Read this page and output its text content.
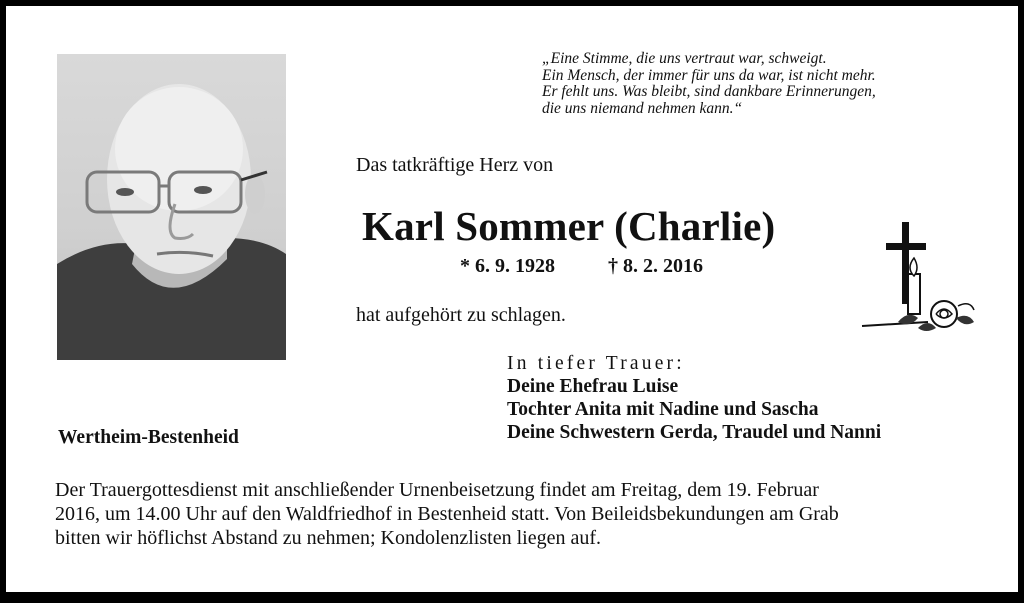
„Eine Stimme, die uns vertraut war, schweigt.
Ein Mensch, der immer für uns da war, ist nicht mehr.
Er fehlt uns. Was bleibt, sind dankbare Erinnerungen,
die uns niemand nehmen kann.“
Das tatkräftige Herz von
Karl Sommer (Charlie)
* 6. 9. 1928	† 8. 2. 2016
hat aufgehört zu schlagen.
In tiefer Trauer:
Deine Ehefrau Luise
Tochter Anita mit Nadine und Sascha
Deine Schwestern Gerda, Traudel und Nanni
Wertheim-Bestenheid
Der Trauergottesdienst mit anschließender Urnenbeisetzung findet am Freitag, dem 19. Februar
2016, um 14.00 Uhr auf den Waldfriedhof in Bestenheid statt. Von Beileidsbekundungen am Grab
bitten wir höflichst Abstand zu nehmen; Kondolenzlisten liegen auf.
